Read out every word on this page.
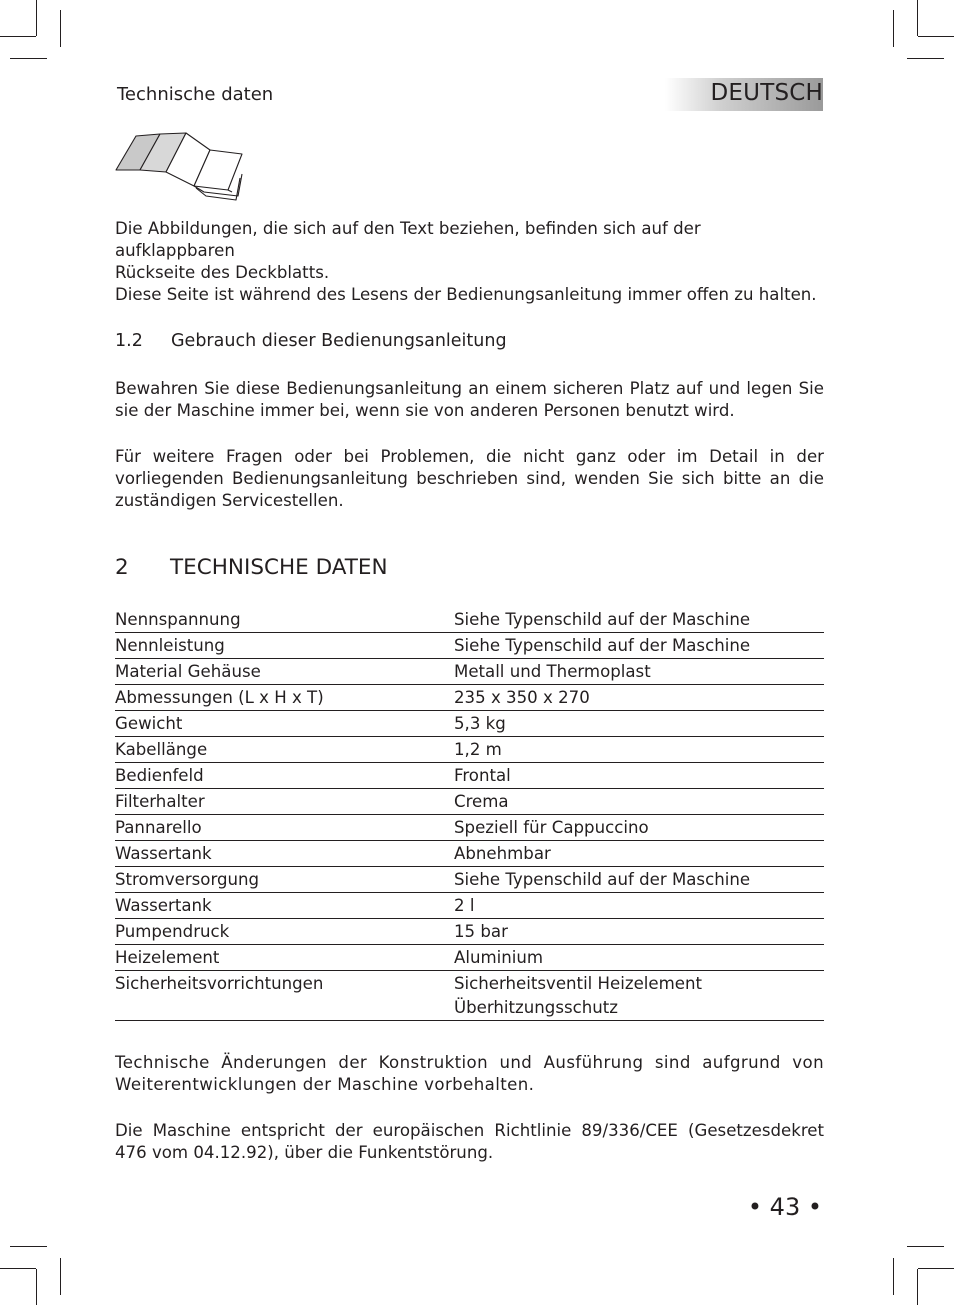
Technische daten	DEUTSCH

Die Abbildungen, die sich auf den Text beziehen, befinden sich auf der aufklappbaren
Rückseite des Deckblatts.
Diese Seite ist während des Lesens der Bedienungsanleitung immer offen zu halten.

1.2 Gebrauch dieser Bedienungsanleitung

Bewahren Sie diese Bedienungsanleitung an einem sicheren Platz auf und legen Sie sie der Maschine immer bei, wenn sie von anderen Personen benutzt wird.

Für weitere Fragen oder bei Problemen, die nicht ganz oder im Detail in der vorliegenden Bedienungsanleitung beschrieben sind, wenden Sie sich bitte an die zuständigen Servicestellen.

2 TECHNISCHE DATEN
Nennspannung	Siehe Typenschild auf der Maschine
Nennleistung	Siehe Typenschild auf der Maschine
Material Gehäuse	Metall und Thermoplast
Abmessungen (L x H x T)	235 x 350 x 270
Gewicht	5,3 kg
Kabellänge	1,2 m
Bedienfeld	Frontal
Filterhalter	Crema
Pannarello	Speziell für Cappuccino
Wassertank	Abnehmbar
Stromversorgung	Siehe Typenschild auf der Maschine
Wassertank	2 l
Pumpendruck	15 bar
Heizelement	Aluminium
Sicherheitsvorrichtungen	Sicherheitsventil Heizelement
Überhitzungsschutz

Technische Änderungen der Konstruktion und Ausführung sind aufgrund von Weiterentwicklungen der Maschine vorbehalten.

Die Maschine entspricht der europäischen Richtlinie 89/336/CEE (Gesetzesdekret 476 vom 04.12.92), über die Funkentstörung.

• 43 •
